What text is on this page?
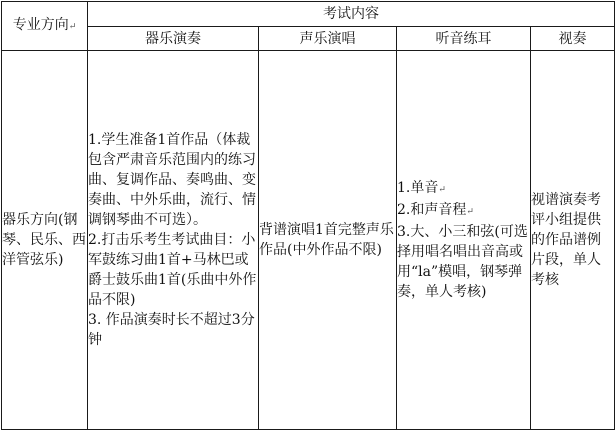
专业方向↵	考试内容			
	器乐演奏	声乐演唱	听音练耳	视奏
器乐方向(钢琴、民乐、西洋管弦乐)	1.学生准备1首作品（体裁包含严肃音乐范围内的练习曲、复调作品、奏鸣曲、变奏曲、中外乐曲，流行、情调钢琴曲不可选）。
2.打击乐考生考试曲目：小军鼓练习曲1首+马林巴或爵士鼓乐曲1首(乐曲中外作品不限)
3. 作品演奏时长不超过3分钟	背谱演唱1首完整声乐作品(中外作品不限)	1.单音↵
2.和声音程↵
3.大、小三和弦(可选择用唱名唱出音高或用“la”模唱，钢琴弹奏，单人考核)	视谱演奏考评小组提供的作品谱例片段，单人考核
